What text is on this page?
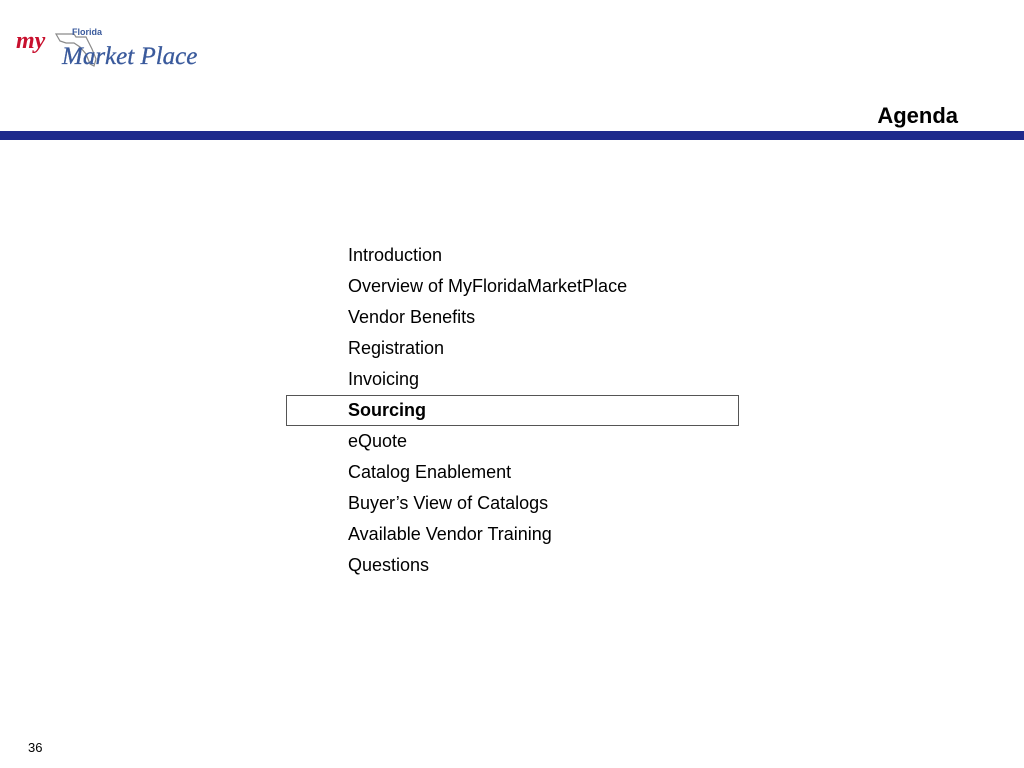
my	Florida
Market Place
Agenda
Introduction
Overview of MyFloridaMarketPlace
Vendor Benefits
Registration
Invoicing
Sourcing
eQuote
Catalog Enablement
Buyer’s View of Catalogs
Available Vendor Training
Questions
36
